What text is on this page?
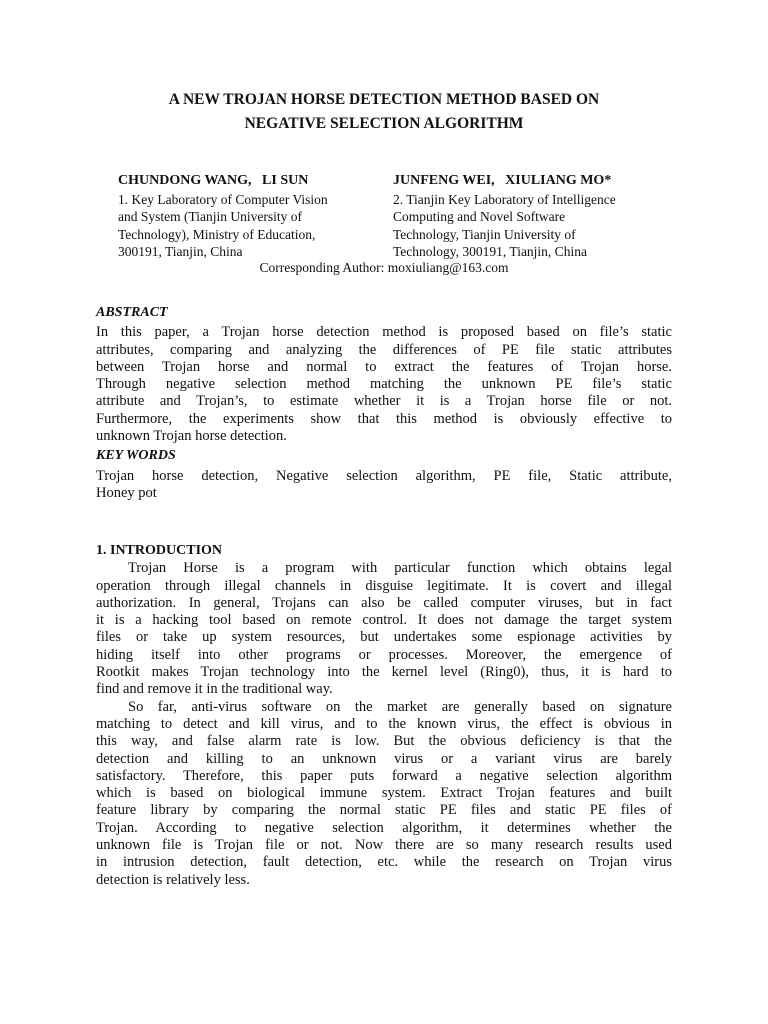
A NEW TROJAN HORSE DETECTION METHOD BASED ON
NEGATIVE SELECTION ALGORITHM
CHUNDONG WANG,   LI SUN
1. Key Laboratory of Computer Vision
and System (Tianjin University of
Technology), Ministry of Education,
300191, Tianjin, China
JUNFENG WEI,   XIULIANG MO*
2. Tianjin Key Laboratory of Intelligence
Computing and Novel Software
Technology, Tianjin University of
Technology, 300191, Tianjin, China
Corresponding Author: moxiuliang@163.com
ABSTRACT
In this paper, a Trojan horse detection method is proposed based on file’s static
attributes, comparing and analyzing the differences of PE file static attributes
between Trojan horse and normal to extract the features of Trojan horse.
Through negative selection method matching the unknown PE file’s static
attribute and Trojan’s, to estimate whether it is a Trojan horse file or not.
Furthermore, the experiments show that this method is obviously effective to
unknown Trojan horse detection.
KEY WORDS
Trojan horse detection, Negative selection algorithm, PE file, Static attribute,
Honey pot
1. INTRODUCTION
Trojan Horse is a program with particular function which obtains legal
operation through illegal channels in disguise legitimate. It is covert and illegal
authorization. In general, Trojans can also be called computer viruses, but in fact
it is a hacking tool based on remote control. It does not damage the target system
files or take up system resources, but undertakes some espionage activities by
hiding itself into other programs or processes. Moreover, the emergence of
Rootkit makes Trojan technology into the kernel level (Ring0), thus, it is hard to
find and remove it in the traditional way.
So far, anti-virus software on the market are generally based on signature
matching to detect and kill virus, and to the known virus, the effect is obvious in
this way, and false alarm rate is low. But the obvious deficiency is that the
detection and killing to an unknown virus or a variant virus are barely
satisfactory. Therefore, this paper puts forward a negative selection algorithm
which is based on biological immune system. Extract Trojan features and built
feature library by comparing the normal static PE files and static PE files of
Trojan. According to negative selection algorithm, it determines whether the
unknown file is Trojan file or not. Now there are so many research results used
in intrusion detection, fault detection, etc. while the research on Trojan virus
detection is relatively less.
